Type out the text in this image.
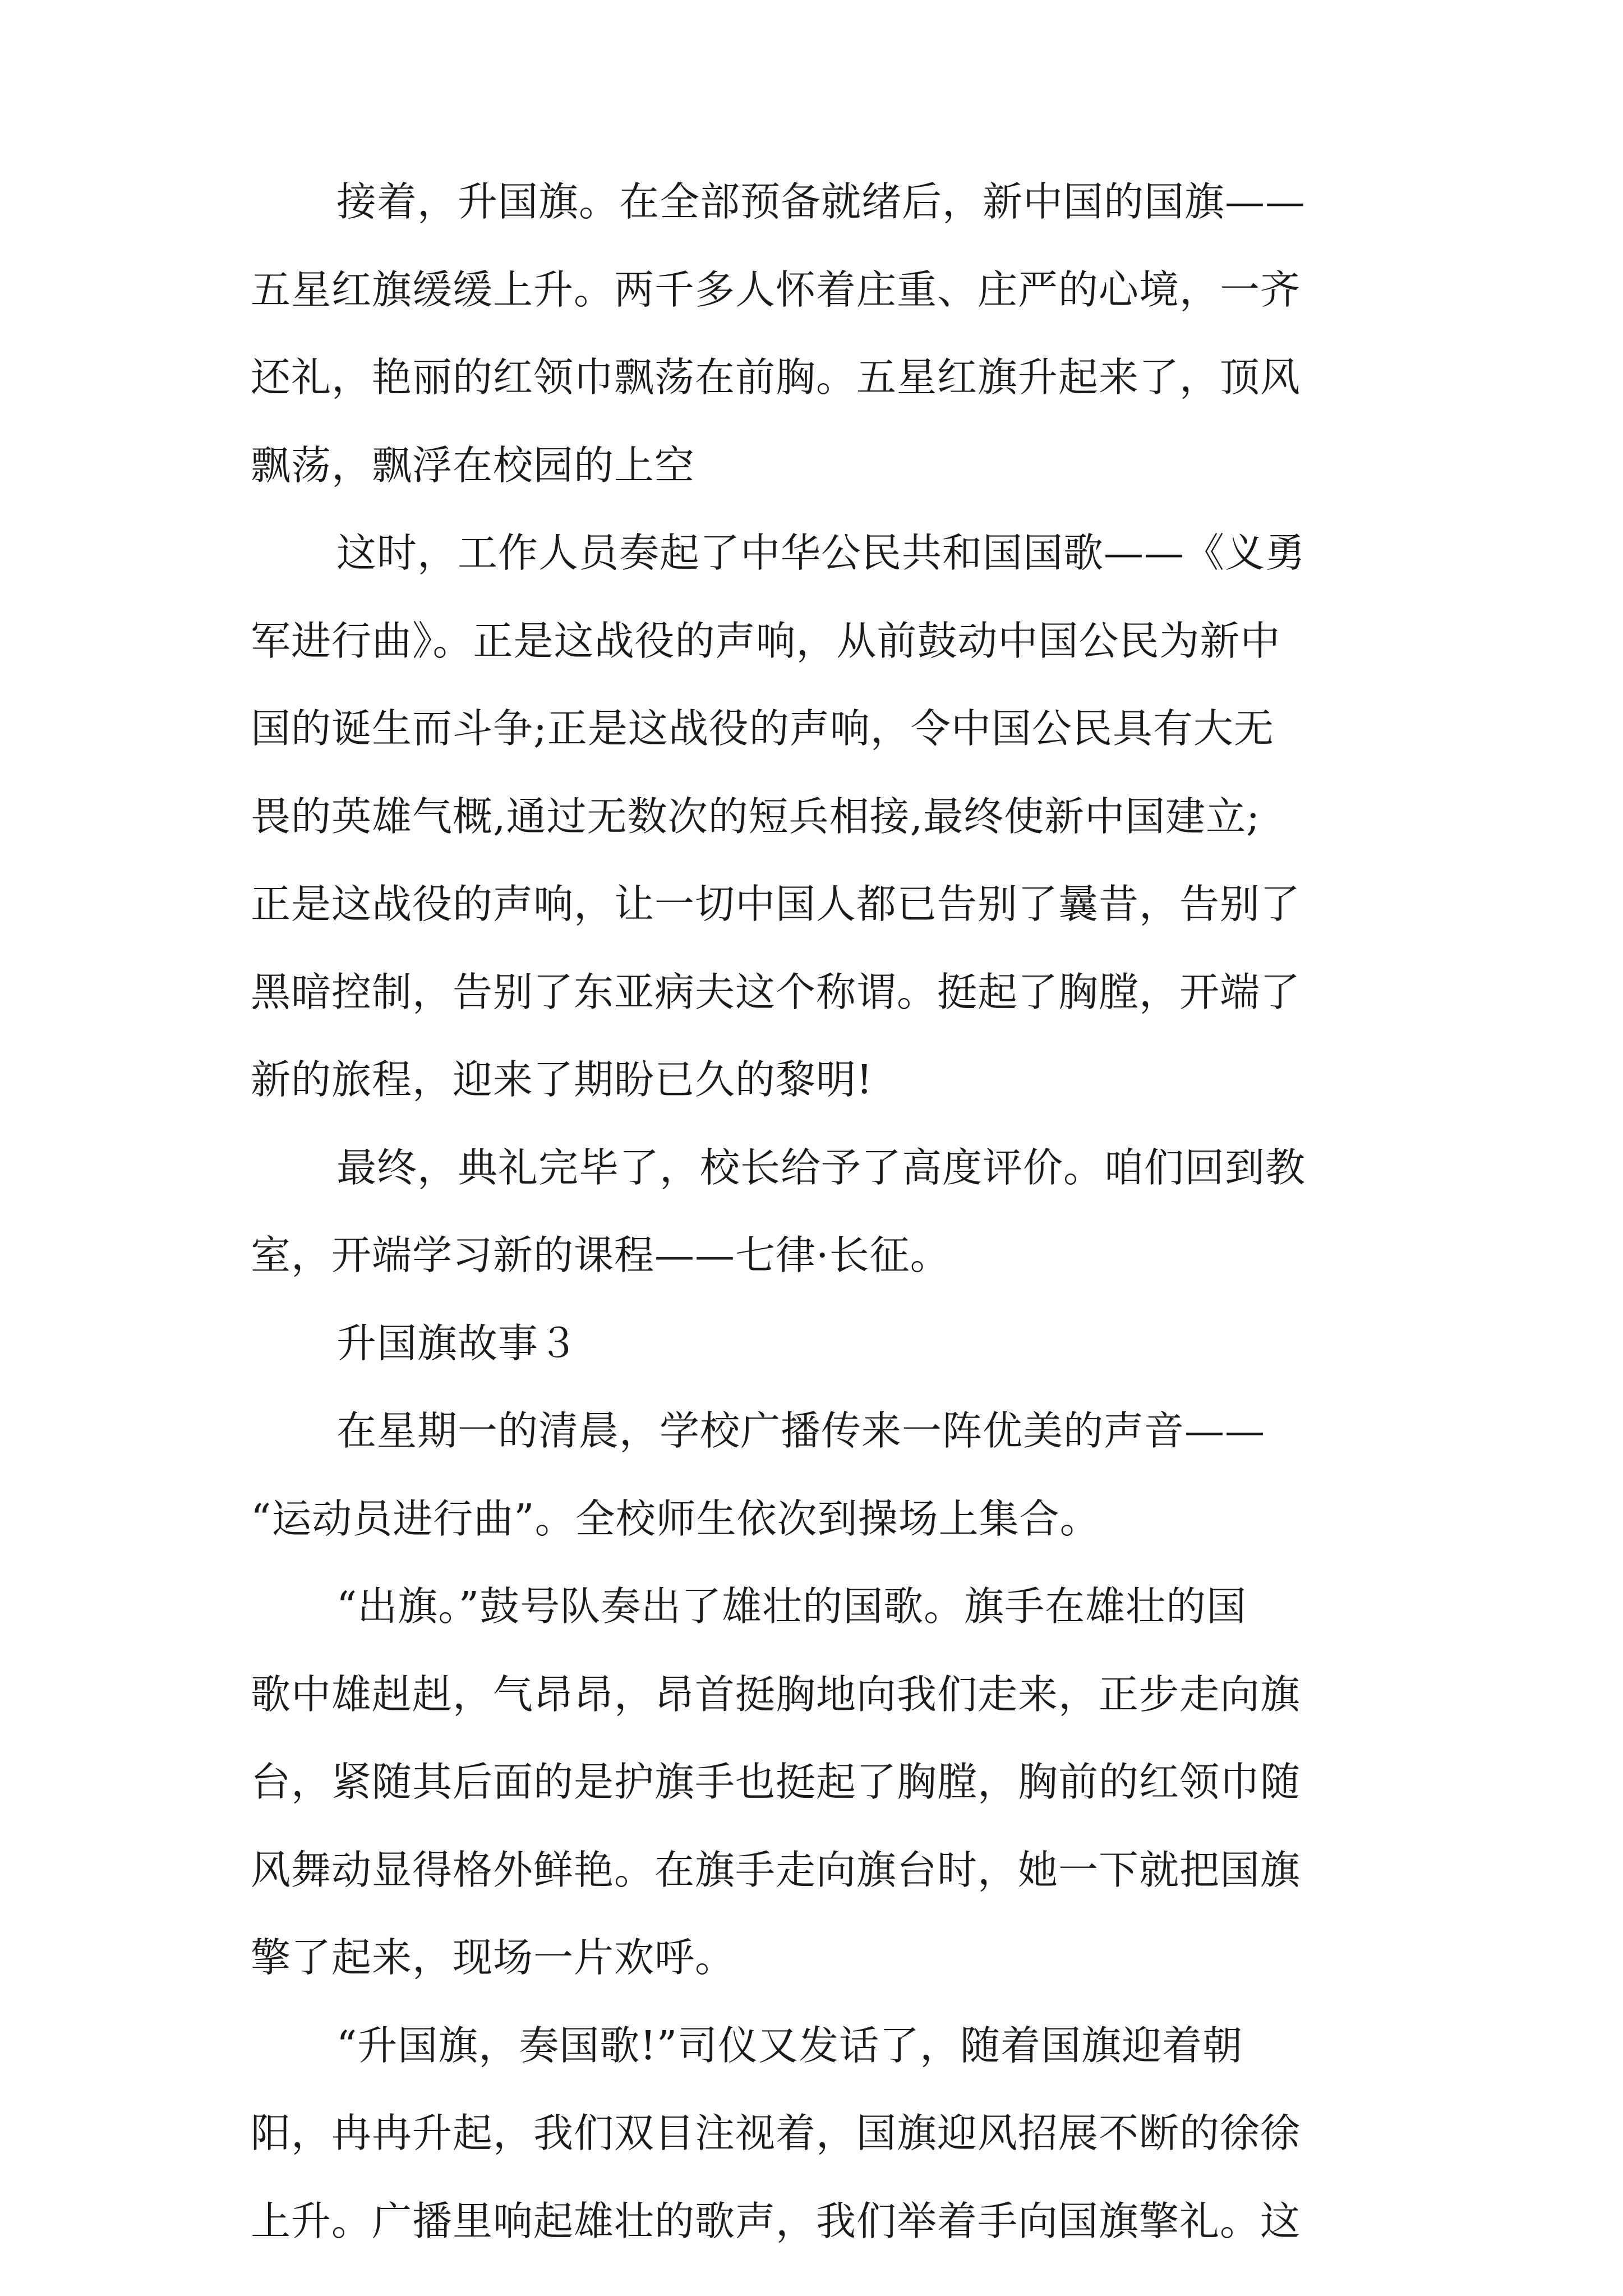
接着，升国旗。在全部预备就绪后，新中国的国旗——
五星红旗缓缓上升。两千多人怀着庄重、庄严的心境，一齐
还礼，艳丽的红领巾飘荡在前胸。五星红旗升起来了，顶风
飘荡，飘浮在校园的上空
这时，工作人员奏起了中华公民共和国国歌——《义勇
军进行曲》。正是这战役的声响，从前鼓动中国公民为新中
国的诞生而斗争;正是这战役的声响，令中国公民具有大无
畏的英雄气概,通过无数次的短兵相接,最终使新中国建立;
正是这战役的声响，让一切中国人都已告别了曩昔，告别了
黑暗控制，告别了东亚病夫这个称谓。挺起了胸膛，开端了
新的旅程，迎来了期盼已久的黎明!
最终，典礼完毕了，校长给予了高度评价。咱们回到教
室，开端学习新的课程——七律·长征。
升国旗故事３
在星期一的清晨，学校广播传来一阵优美的声音——
“运动员进行曲”。全校师生依次到操场上集合。
“出旗。”鼓号队奏出了雄壮的国歌。旗手在雄壮的国
歌中雄赳赳，气昂昂，昂首挺胸地向我们走来，正步走向旗
台，紧随其后面的是护旗手也挺起了胸膛，胸前的红领巾随
风舞动显得格外鲜艳。在旗手走向旗台时，她一下就把国旗
擎了起来，现场一片欢呼。
“升国旗，奏国歌!”司仪又发话了，随着国旗迎着朝
阳，冉冉升起，我们双目注视着，国旗迎风招展不断的徐徐
上升。广播里响起雄壮的歌声，我们举着手向国旗擎礼。这
